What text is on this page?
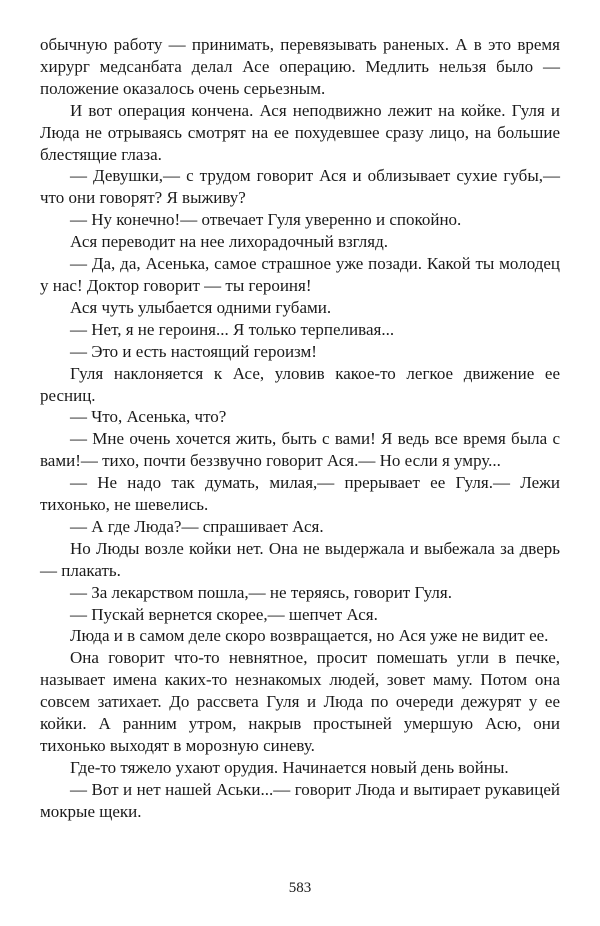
обычную работу — принимать, перевязывать раненых. А в это время хирург медсанбата делал Асе операцию. Медлить нельзя было — положение оказалось очень серьезным.

И вот операция кончена. Ася неподвижно лежит на койке. Гуля и Люда не отрываясь смотрят на ее похудевшее сразу лицо, на большие блестящие глаза.

— Девушки,— с трудом говорит Ася и облизывает сухие губы,— что они говорят? Я выживу?

— Ну конечно!— отвечает Гуля уверенно и спокойно.

Ася переводит на нее лихорадочный взгляд.

— Да, да, Асенька, самое страшное уже позади. Какой ты молодец у нас! Доктор говорит — ты героиня!

Ася чуть улыбается одними губами.

— Нет, я не героиня... Я только терпеливая...

— Это и есть настоящий героизм!

Гуля наклоняется к Асе, уловив какое-то легкое движение ее ресниц.

— Что, Асенька, что?

— Мне очень хочется жить, быть с вами! Я ведь все время была с вами!— тихо, почти беззвучно говорит Ася.— Но если я умру...

— Не надо так думать, милая,— прерывает ее Гуля.— Лежи тихонько, не шевелись.

— А где Люда?— спрашивает Ася.

Но Люды возле койки нет. Она не выдержала и выбежала за дверь — плакать.

— За лекарством пошла,— не теряясь, говорит Гуля.

— Пускай вернется скорее,— шепчет Ася.

Люда и в самом деле скоро возвращается, но Ася уже не видит ее.

Она говорит что-то невнятное, просит помешать угли в печке, называет имена каких-то незнакомых людей, зовет маму. Потом она совсем затихает. До рассвета Гуля и Люда по очереди дежурят у ее койки. А ранним утром, накрыв простыней умершую Асю, они тихонько выходят в морозную синеву.

Где-то тяжело ухают орудия. Начинается новый день войны.

— Вот и нет нашей Аськи...— говорит Люда и вытирает рукавицей мокрые щеки.

583
